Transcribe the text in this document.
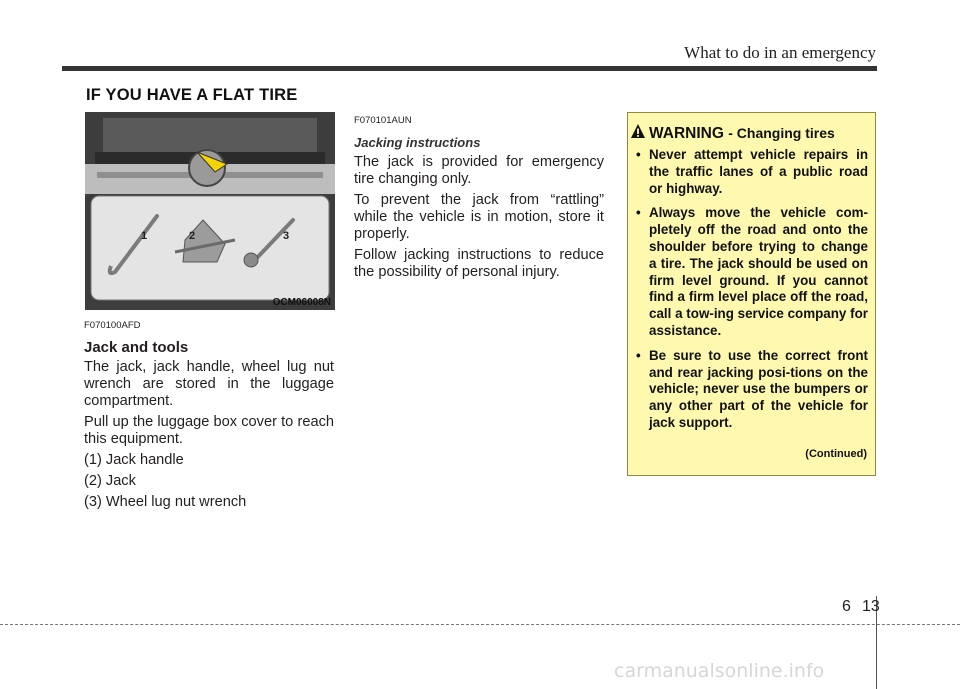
What to do in an emergency
IF YOU HAVE A FLAT TIRE
1	2	3
OCM06008N

F070100AFD

Jack and tools

The jack, jack handle, wheel lug nut wrench are stored in the luggage compartment.

Pull up the luggage box cover to reach this equipment.

(1) Jack handle

(2) Jack

(3) Wheel lug nut wrench

F070101AUN

Jacking instructions

The jack is provided for emergency tire changing only.

To prevent the jack from “rattling” while the vehicle is in motion, store it properly.

Follow jacking instructions to reduce the possibility of personal injury.

WARNING - Changing tires
• Never attempt vehicle repairs in the traffic lanes of a public road or highway.
• Always move the vehicle com-pletely off the road and onto the shoulder before trying to change a tire. The jack should be used on firm level ground. If you cannot find a firm level place off the road, call a tow-ing service company for assistance.
• Be sure to use the correct front and rear jacking posi-tions on the vehicle; never use the bumpers or any other part of the vehicle for jack support.
(Continued)
6 13
carmanualsonline.info
